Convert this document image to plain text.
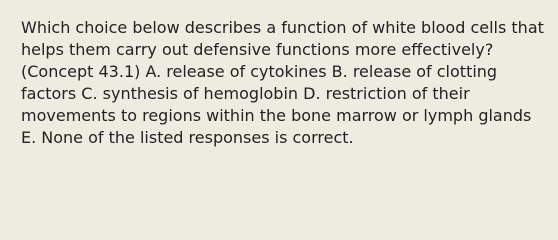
Which choice below describes a function of white blood cells that
helps them carry out defensive functions more effectively?
(Concept 43.1) A. release of cytokines B. release of clotting
factors C. synthesis of hemoglobin D. restriction of their
movements to regions within the bone marrow or lymph glands
E. None of the listed responses is correct.
